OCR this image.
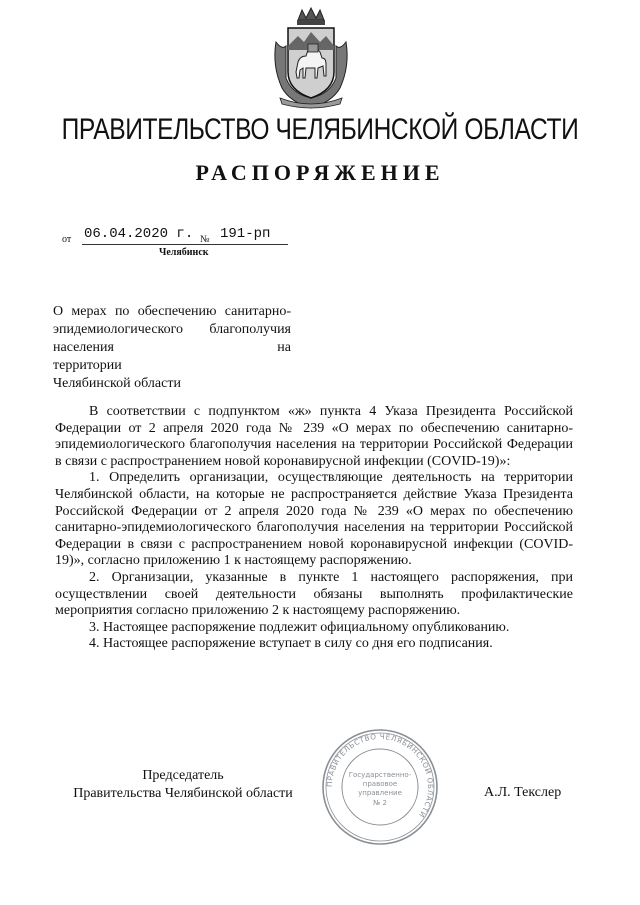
ПРАВИТЕЛЬСТВО ЧЕЛЯБИНСКОЙ ОБЛАСТИ
РАСПОРЯЖЕНИЕ
от 06.04.2020 г. № 191-рп
Челябинск
О мерах по обеспечению санитарно-
эпидемиологического благополучия
населения на территории
Челябинской области

В соответствии с подпунктом «ж» пункта 4 Указа Президента Российской Федерации от 2 апреля 2020 года № 239 «О мерах по обеспечению санитарно-эпидемиологического благополучия населения на территории Российской Федерации в связи с распространением новой коронавирусной инфекции (COVID-19)»:

1. Определить организации, осуществляющие деятельность на территории Челябинской области, на которые не распространяется действие Указа Президента Российской Федерации от 2 апреля 2020 года № 239 «О мерах по обеспечению санитарно-эпидемиологического благополучия населения на территории Российской Федерации в связи с распространением новой коронавирусной инфекции (COVID-19)», согласно приложению 1 к настоящему распоряжению.

2. Организации, указанные в пункте 1 настоящего распоряжения, при осуществлении своей деятельности обязаны выполнять профилактические мероприятия согласно приложению 2 к настоящему распоряжению.

3. Настоящее распоряжение подлежит официальному опубликованию.

4. Настоящее распоряжение вступает в силу со дня его подписания.

Председатель
Правительства Челябинской области
ПРАВИТЕЛЬСТВО ЧЕЛЯБИНСКОЙ ОБЛАСТИ
Государственно-
правовое
управление
№ 2
А.Л. Текслер
